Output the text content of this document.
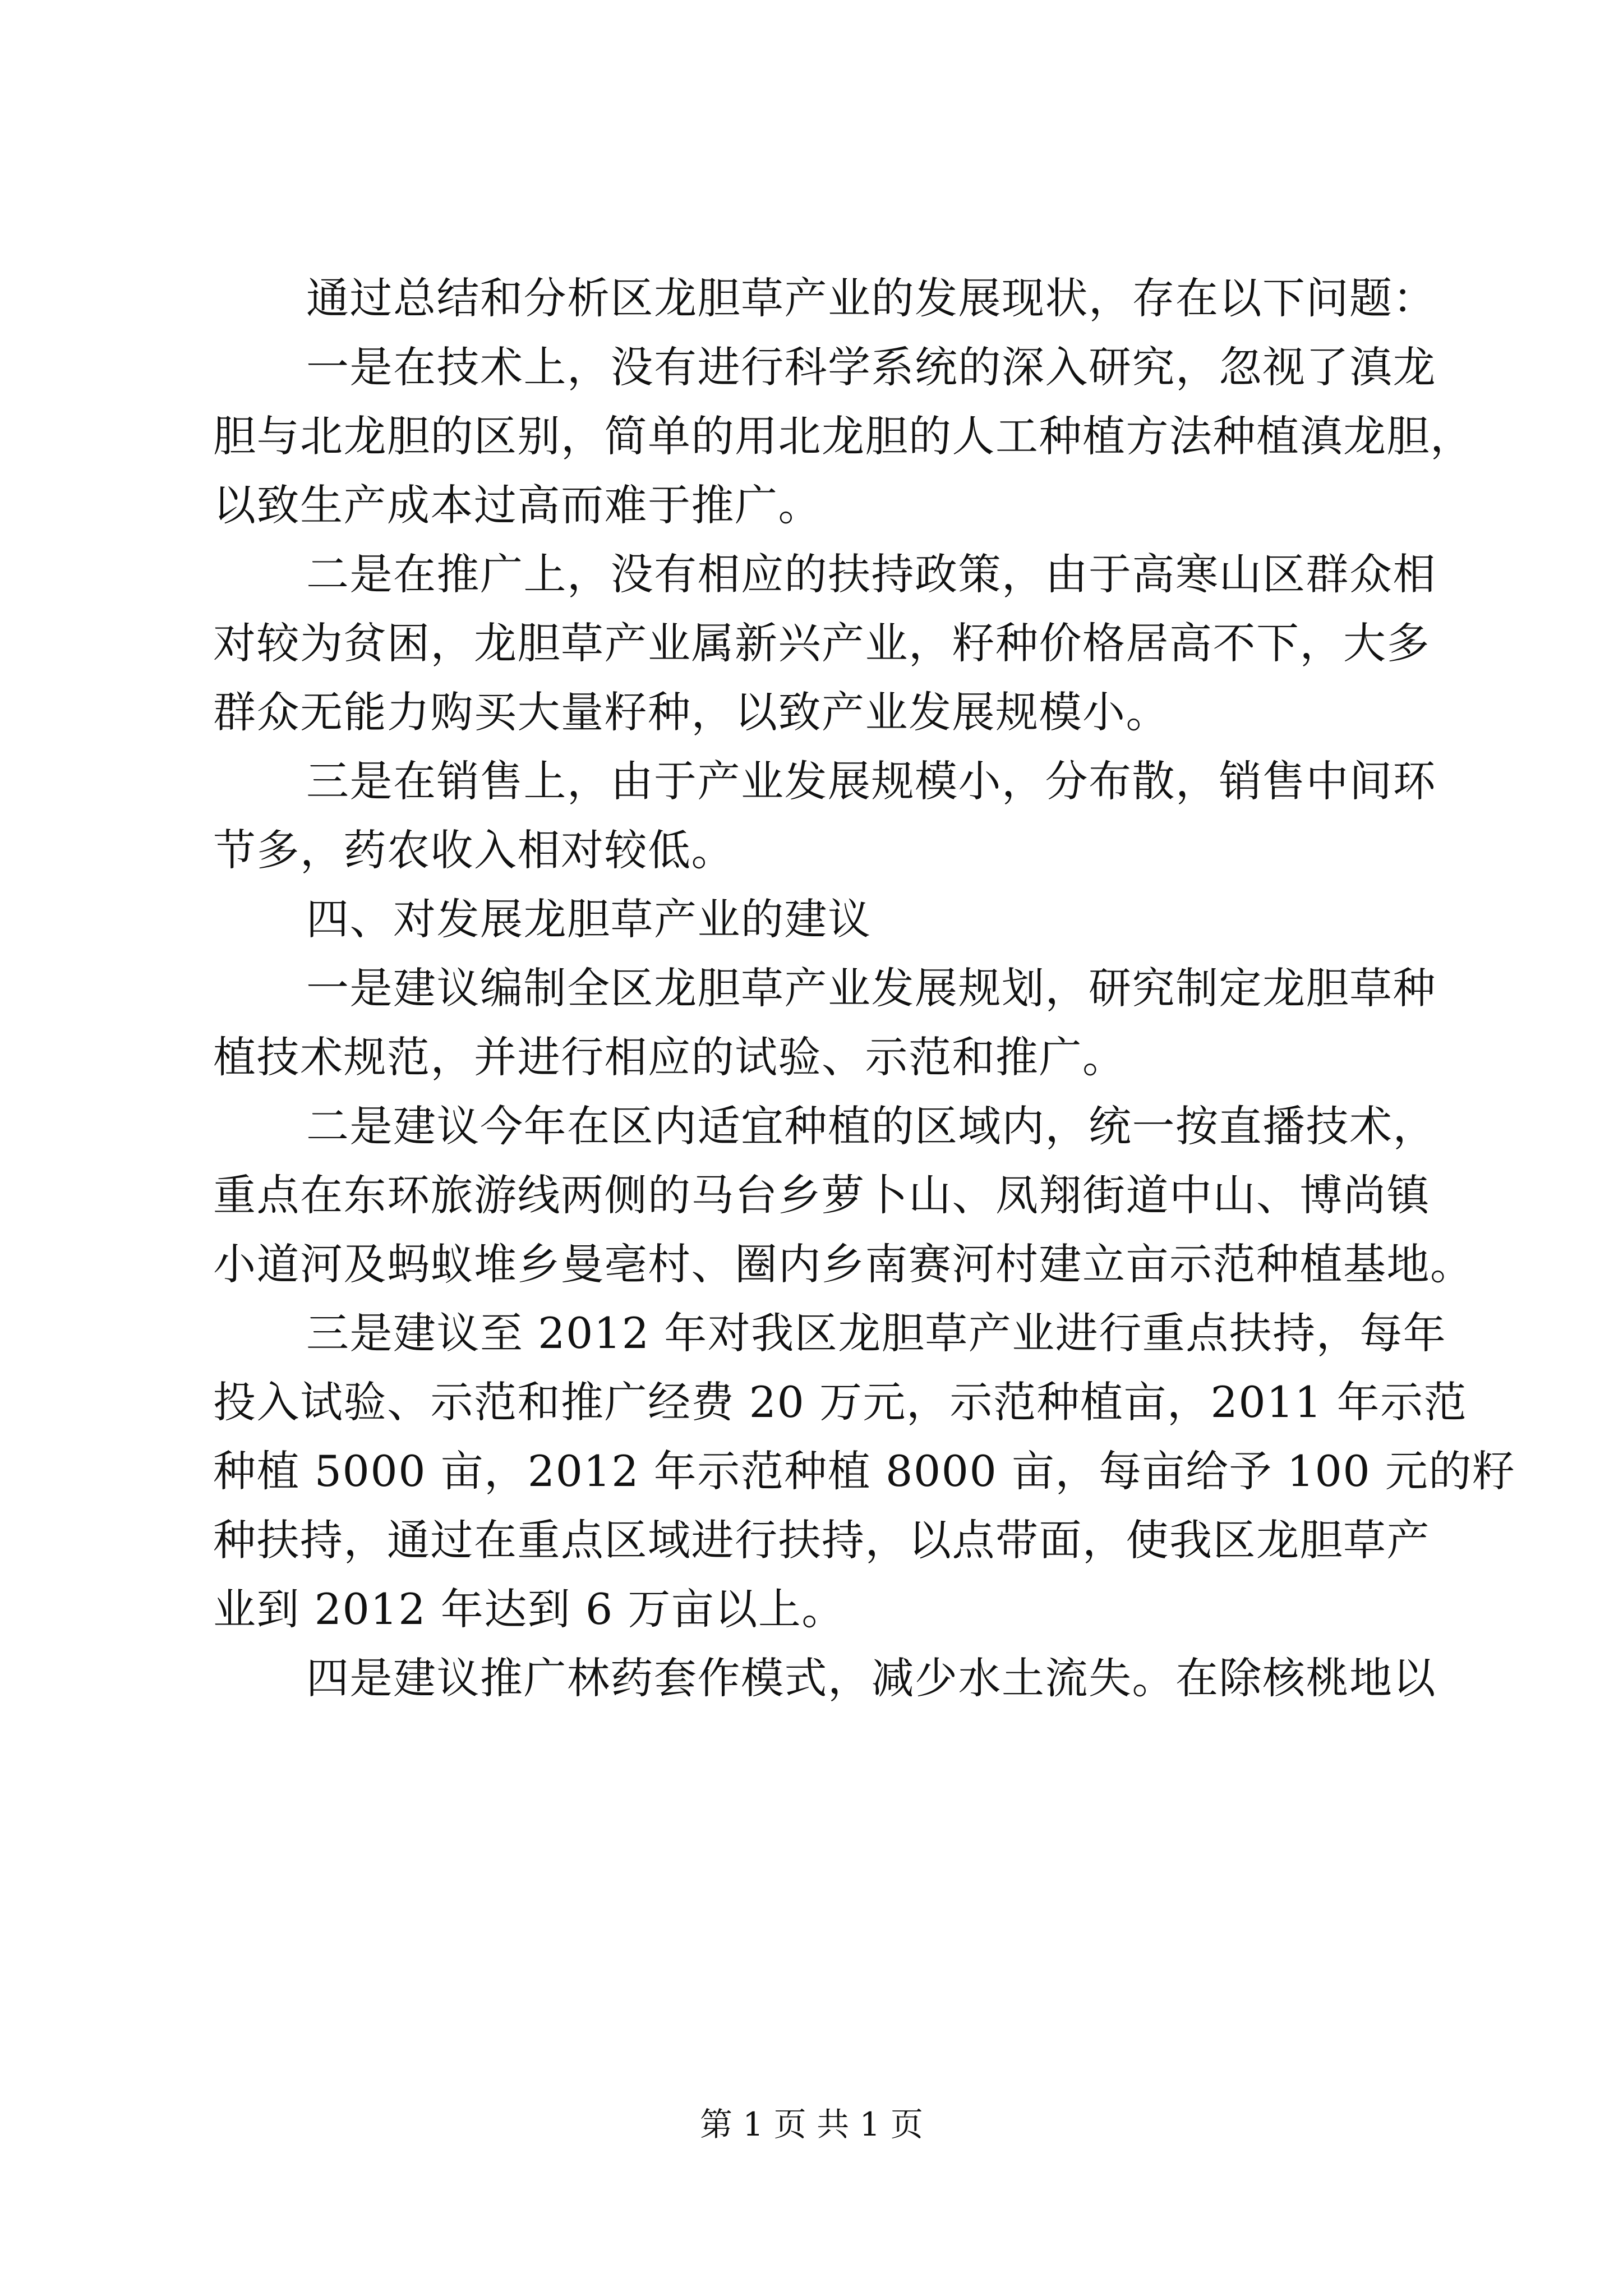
通过总结和分析区龙胆草产业的发展现状，存在以下问题：

一是在技术上，没有进行科学系统的深入研究，忽视了滇龙

胆与北龙胆的区别，简单的用北龙胆的人工种植方法种植滇龙胆，

以致生产成本过高而难于推广。

二是在推广上，没有相应的扶持政策，由于高寒山区群众相

对较为贫困，龙胆草产业属新兴产业，籽种价格居高不下，大多

群众无能力购买大量籽种，以致产业发展规模小。

三是在销售上，由于产业发展规模小，分布散，销售中间环

节多，药农收入相对较低。

四、对发展龙胆草产业的建议

一是建议编制全区龙胆草产业发展规划，研究制定龙胆草种

植技术规范，并进行相应的试验、示范和推广。

二是建议今年在区内适宜种植的区域内，统一按直播技术，

重点在东环旅游线两侧的马台乡萝卜山、凤翔街道中山、博尚镇

小道河及蚂蚁堆乡曼亳村、圈内乡南赛河村建立亩示范种植基地。

三是建议至 2012 年对我区龙胆草产业进行重点扶持，每年

投入试验、示范和推广经费 20 万元，示范种植亩，2011 年示范

种植 5000 亩，2012 年示范种植 8000 亩，每亩给予 100 元的籽

种扶持，通过在重点区域进行扶持，以点带面，使我区龙胆草产

业到 2012 年达到 6 万亩以上。

四是建议推广林药套作模式，减少水土流失。在除核桃地以

第 1 页 共 1 页
